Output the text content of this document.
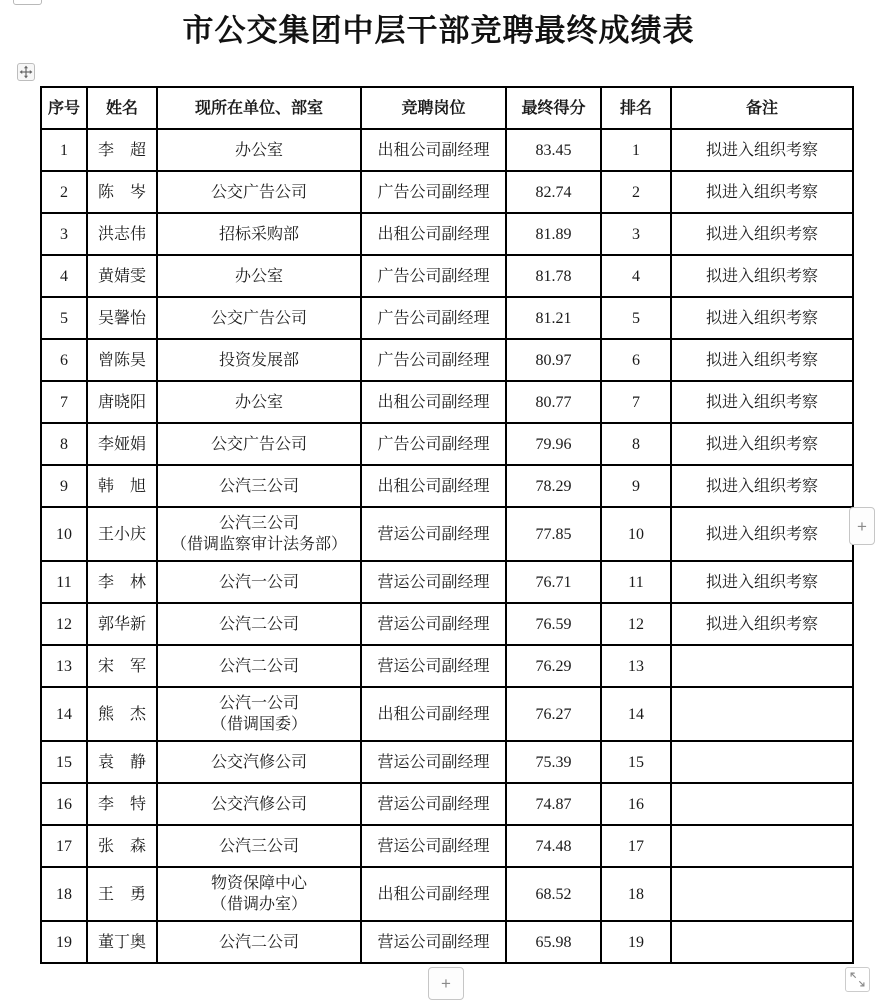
市公交集团中层干部竞聘最终成绩表
序号	姓名	现所在单位、部室	竞聘岗位	最终得分	排名	备注
1	李　超	办公室	出租公司副经理	83.45	1	拟进入组织考察
2	陈　岑	公交广告公司	广告公司副经理	82.74	2	拟进入组织考察
3	洪志伟	招标采购部	出租公司副经理	81.89	3	拟进入组织考察
4	黄婧雯	办公室	广告公司副经理	81.78	4	拟进入组织考察
5	吴馨怡	公交广告公司	广告公司副经理	81.21	5	拟进入组织考察
6	曾陈昊	投资发展部	广告公司副经理	80.97	6	拟进入组织考察
7	唐晓阳	办公室	出租公司副经理	80.77	7	拟进入组织考察
8	李娅娟	公交广告公司	广告公司副经理	79.96	8	拟进入组织考察
9	韩　旭	公汽三公司	出租公司副经理	78.29	9	拟进入组织考察
10	王小庆	公汽三公司
（借调监察审计法务部）	营运公司副经理	77.85	10	拟进入组织考察
11	李　林	公汽一公司	营运公司副经理	76.71	11	拟进入组织考察
12	郭华新	公汽二公司	营运公司副经理	76.59	12	拟进入组织考察
13	宋　军	公汽二公司	营运公司副经理	76.29	13	
14	熊　杰	公汽一公司
（借调国委）	出租公司副经理	76.27	14	
15	袁　静	公交汽修公司	营运公司副经理	75.39	15	
16	李　特	公交汽修公司	营运公司副经理	74.87	16	
17	张　森	公汽三公司	营运公司副经理	74.48	17	
18	王　勇	物资保障中心
（借调办室）	出租公司副经理	68.52	18	
19	董丁奥	公汽二公司	营运公司副经理	65.98	19	
+
+
